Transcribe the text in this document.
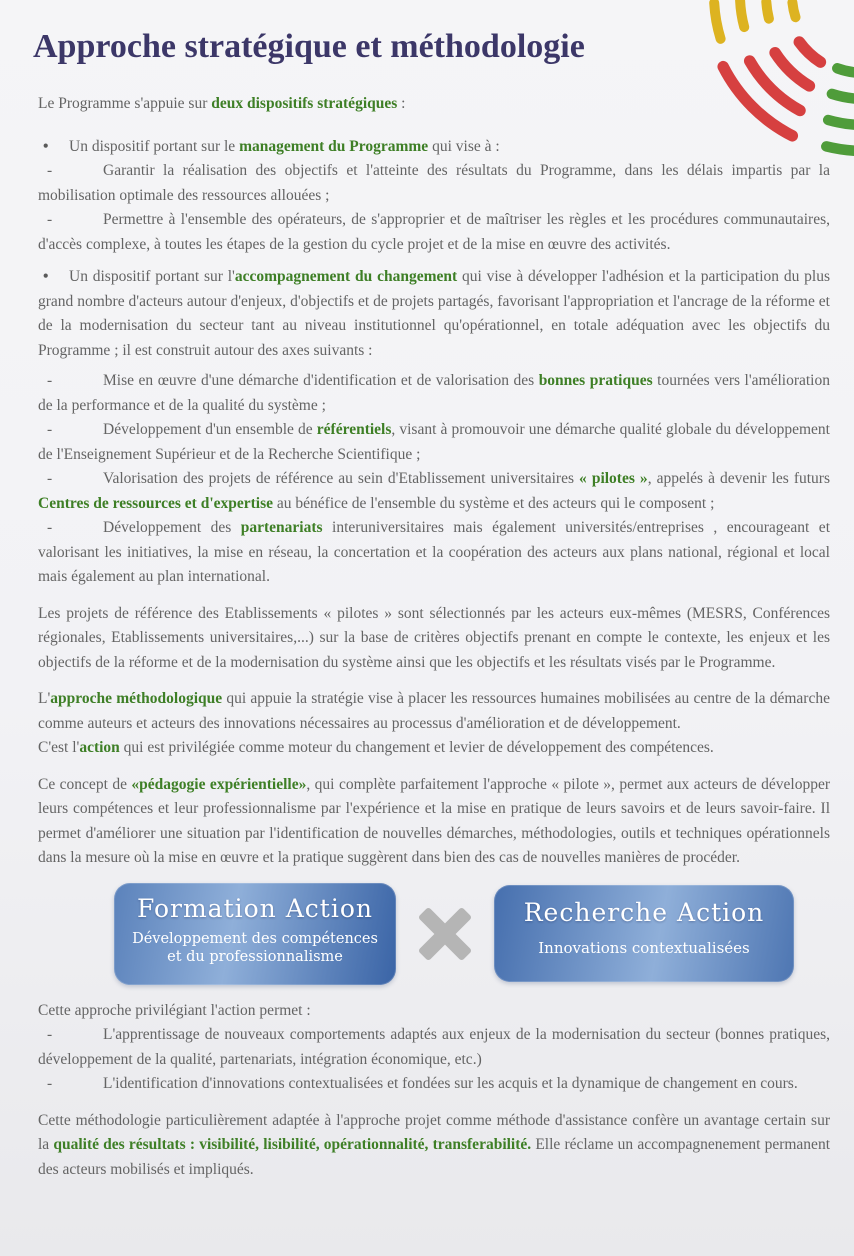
Approche stratégique et méthodologie

Le Programme s'appuie sur deux dispositifs stratégiques :

• Un dispositif portant sur le management du Programme qui vise à :

-	Garantir la réalisation des objectifs et l'atteinte des résultats du Programme, dans les délais impartis par la mobilisation optimale des ressources allouées ;

-	Permettre à l'ensemble des opérateurs, de s'approprier et de maîtriser les règles et les procédures communautaires, d'accès complexe, à toutes les étapes de la gestion du cycle projet et de la mise en œuvre des activités.

• Un dispositif portant sur l'accompagnement du changement qui vise à développer l'adhésion et la participation du plus grand nombre d'acteurs autour d'enjeux, d'objectifs et de projets partagés, favorisant l'appropriation et l'ancrage de la réforme et de la modernisation du secteur tant au niveau institutionnel qu'opérationnel, en totale adéquation avec les objectifs du Programme ; il est construit autour des axes suivants :

-	Mise en œuvre d'une démarche d'identification et de valorisation des bonnes pratiques tournées vers l'amélioration de la performance et de la qualité du système ;

-	Développement d'un ensemble de référentiels, visant à promouvoir une démarche qualité globale du développement de l'Enseignement Supérieur et de la Recherche Scientifique ;

-	Valorisation des projets de référence au sein d'Etablissement universitaires « pilotes », appelés à devenir les futurs Centres de ressources et d'expertise au bénéfice de l'ensemble du système et des acteurs qui le composent ;

-	Développement des partenariats interuniversitaires mais également universités/entreprises , encourageant et valorisant les initiatives, la mise en réseau, la concertation et la coopération des acteurs aux plans national, régional et local mais également au plan international.

Les projets de référence des Etablissements « pilotes » sont sélectionnés par les acteurs eux-mêmes (MESRS, Conférences régionales, Etablissements universitaires,...) sur la base de critères objectifs prenant en compte le contexte, les enjeux et les objectifs de la réforme et de la modernisation du système ainsi que les objectifs et les résultats visés par le Programme.

L'approche méthodologique qui appuie la stratégie vise à placer les ressources humaines mobilisées au centre de la démarche comme auteurs et acteurs des innovations nécessaires au processus d'amélioration et de développement.

C'est l'action qui est privilégiée comme moteur du changement et levier de développement des compétences.

Ce concept de «pédagogie expérientielle», qui complète parfaitement l'approche « pilote », permet aux acteurs de développer leurs compétences et leur professionnalisme par l'expérience et la mise en pratique de leurs savoirs et de leurs savoir-faire. Il permet d'améliorer une situation par l'identification de nouvelles démarches, méthodologies, outils et techniques opérationnels dans la mesure où la mise en œuvre et la pratique suggèrent dans bien des cas de nouvelles manières de procéder.

Formation Action
Développement des compétences
et du professionnalisme
Recherche Action
Innovations contextualisées

Cette approche privilégiant l'action permet :

-	L'apprentissage de nouveaux comportements adaptés aux enjeux de la modernisation du secteur (bonnes pratiques, développement de la qualité, partenariats, intégration économique, etc.)

-	L'identification d'innovations contextualisées et fondées sur les acquis et la dynamique de changement en cours.

Cette méthodologie particulièrement adaptée à l'approche projet comme méthode d'assistance confère un avantage certain sur la qualité des résultats : visibilité, lisibilité, opérationnalité, transferabilité. Elle réclame un accompagnenement permanent des acteurs mobilisés et impliqués.
